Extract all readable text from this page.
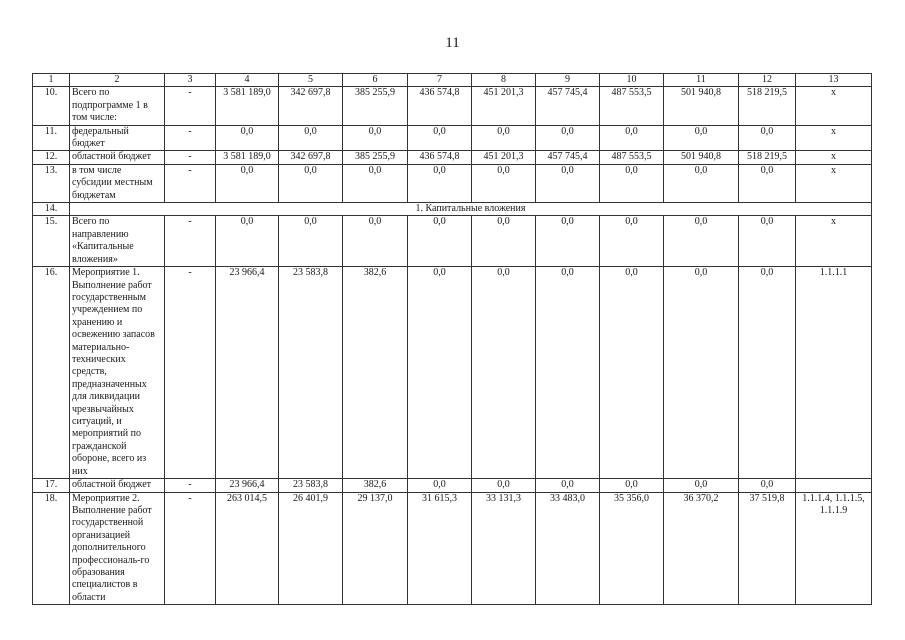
11
1	2	3	4	5	6	7	8	9	10	11	12	13
10.	Всего по подпрограмме 1 в том числе:	-	3 581 189,0	342 697,8	385 255,9	436 574,8	451 201,3	457 745,4	487 553,5	501 940,8	518 219,5	х
11.	федеральный бюджет	-	0,0	0,0	0,0	0,0	0,0	0,0	0,0	0,0	0,0	х
12.	областной бюджет	-	3 581 189,0	342 697,8	385 255,9	436 574,8	451 201,3	457 745,4	487 553,5	501 940,8	518 219,5	х
13.	в том числе субсидии местным бюджетам	-	0,0	0,0	0,0	0,0	0,0	0,0	0,0	0,0	0,0	х
14.	1. Капитальные вложения											
15.	Всего по направлению «Капитальные вложения»	-	0,0	0,0	0,0	0,0	0,0	0,0	0,0	0,0	0,0	х
16.	Мероприятие 1. Выполнение работ государственным учреждением по хранению и освежению запасов материально-технических средств, предназначенных для ликвидации чрезвычайных ситуаций, и мероприятий по гражданской обороне, всего из них	-	23 966,4	23 583,8	382,6	0,0	0,0	0,0	0,0	0,0	0,0	1.1.1.1
17.	областной бюджет	-	23 966,4	23 583,8	382,6	0,0	0,0	0,0	0,0	0,0	0,0	
18.	Мероприятие 2. Выполнение работ государственной организацией дополнительного профессиональ-го образования специалистов в области	-	263 014,5	26 401,9	29 137,0	31 615,3	33 131,3	33 483,0	35 356,0	36 370,2	37 519,8	1.1.1.4, 1.1.1.5, 1.1.1.9
